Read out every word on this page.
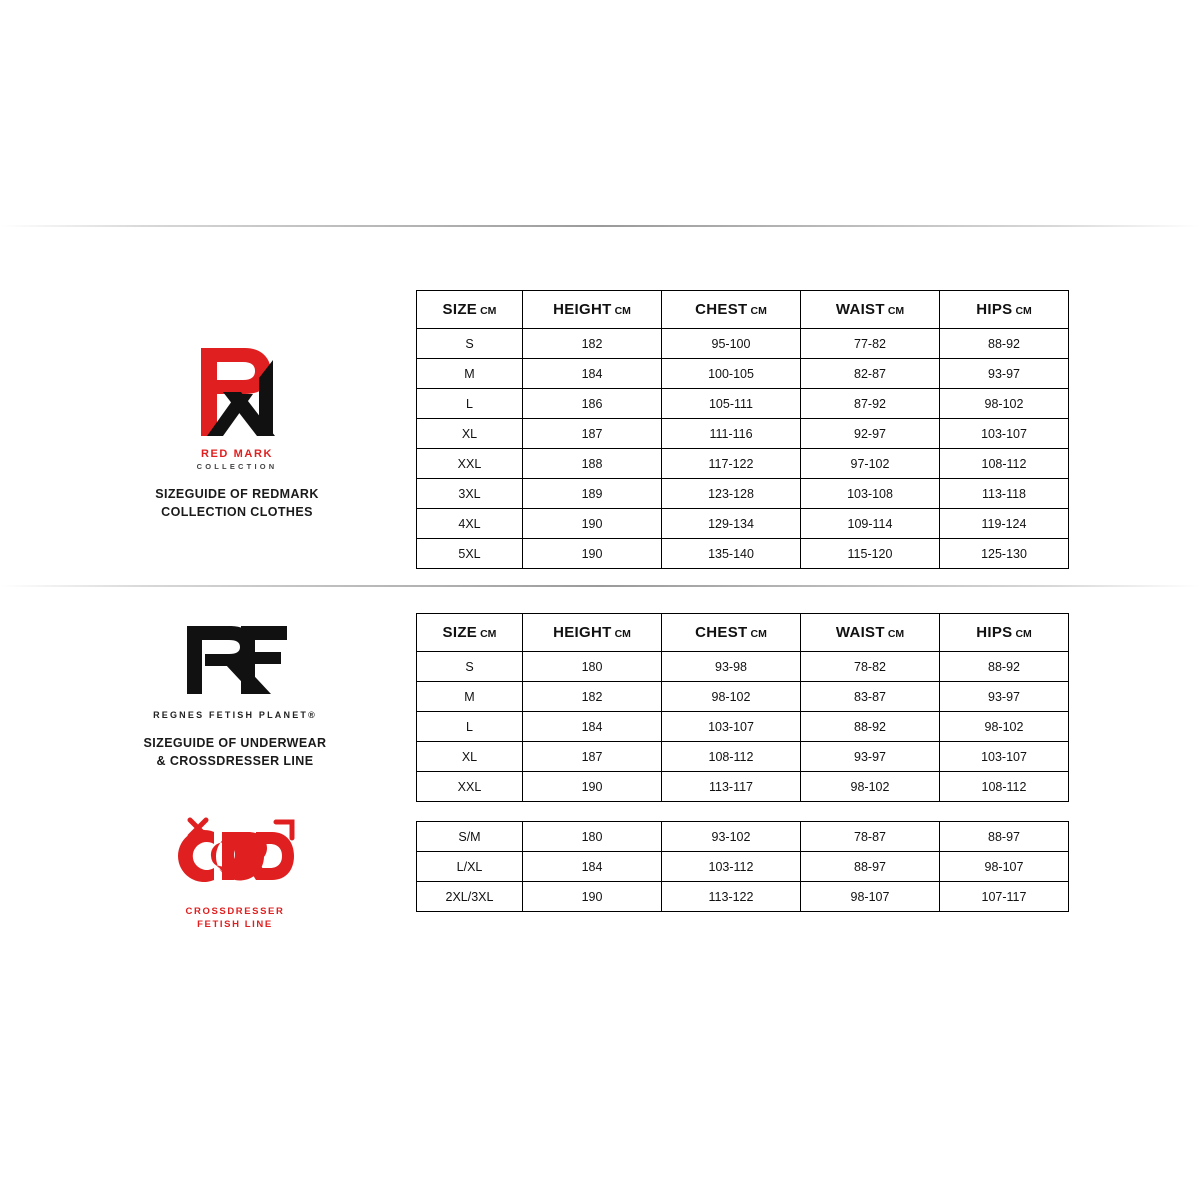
RED MARK
COLLECTION
SIZEGUIDE OF REDMARK
COLLECTION CLOTHES
SIZE CM	HEIGHT CM	CHEST CM	WAIST CM	HIPS CM
S	182	95-100	77-82	88-92
M	184	100-105	82-87	93-97
L	186	105-111	87-92	98-102
XL	187	111-116	92-97	103-107
XXL	188	117-122	97-102	108-112
3XL	189	123-128	103-108	113-118
4XL	190	129-134	109-114	119-124
5XL	190	135-140	115-120	125-130
REGNES FETISH PLANET®
SIZEGUIDE OF UNDERWEAR
& CROSSDRESSER LINE
SIZE CM	HEIGHT CM	CHEST CM	WAIST CM	HIPS CM
S	180	93-98	78-82	88-92
M	182	98-102	83-87	93-97
L	184	103-107	88-92	98-102
XL	187	108-112	93-97	103-107
XXL	190	113-117	98-102	108-112
CROSSDRESSER
FETISH LINE
S/M	180	93-102	78-87	88-97
L/XL	184	103-112	88-97	98-107
2XL/3XL	190	113-122	98-107	107-117
